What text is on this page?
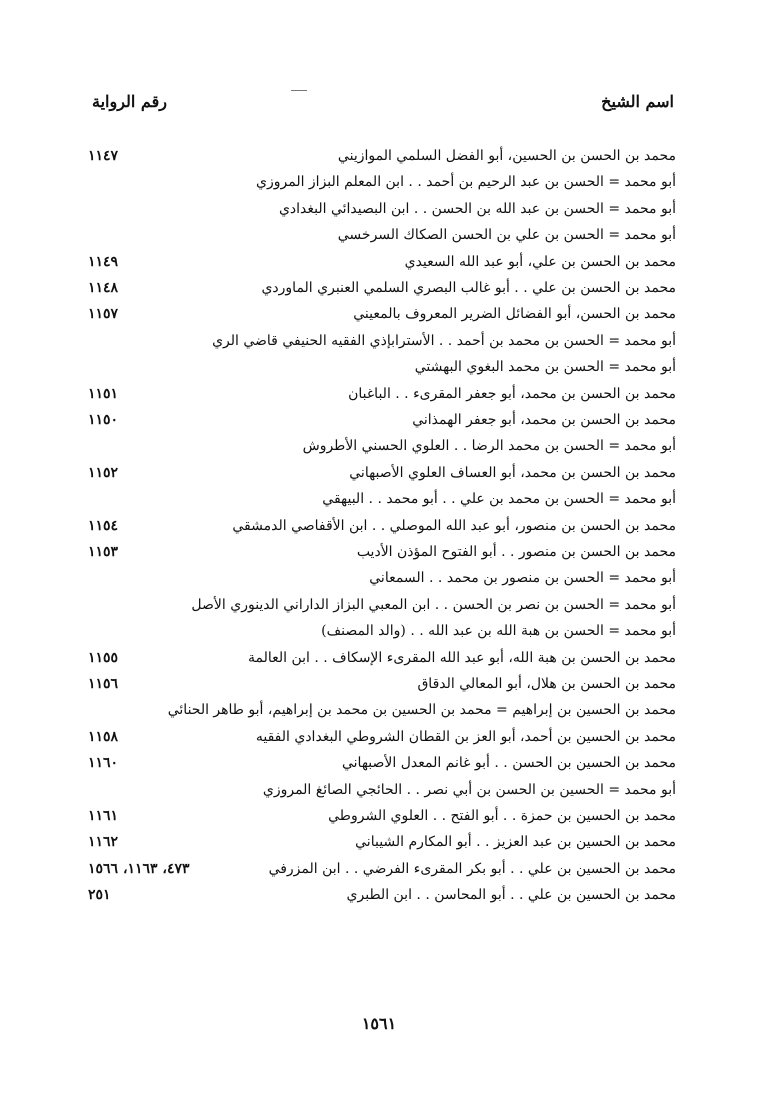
اسم الشيخ
رقم الرواية
محمد بن الحسن بن الحسين، أبو الفضل السلمي الموازيني
١١٤٧
أبو محمد = الحسن بن عبد الرحيم بن أحمد . . ابن المعلم البزاز المروزي
أبو محمد = الحسن بن عبد الله بن الحسن . . ابن البصيدائي البغدادي
أبو محمد = الحسن بن علي بن الحسن الصكاك السرخسي
محمد بن الحسن بن علي، أبو عبد الله السعيدي
١١٤٩
محمد بن الحسن بن علي . . أبو غالب البصري السلمي العنبري الماوردي
١١٤٨
محمد بن الحسن، أبو الفضائل الضرير المعروف بالمعيني
١١٥٧
أبو محمد = الحسن بن محمد بن أحمد . . الأسترابإذي الفقيه الحنيفي قاضي الري
أبو محمد = الحسن بن محمد البغوي البهشتي
محمد بن الحسن بن محمد، أبو جعفر المقرىء . . الباغبان
١١٥١
محمد بن الحسن بن محمد، أبو جعفر الهمذاني
١١٥٠
أبو محمد = الحسن بن محمد الرضا . . العلوي الحسني الأطروش
محمد بن الحسن بن محمد، أبو العساف العلوي الأصبهاني
١١٥٢
أبو محمد = الحسن بن محمد بن علي . . أبو محمد . . البيهقي
محمد بن الحسن بن منصور، أبو عبد الله الموصلي . . ابن الأقفاصي الدمشقي
١١٥٤
محمد بن الحسن بن منصور . . أبو الفتوح المؤذن الأديب
١١٥٣
أبو محمد = الحسن بن منصور بن محمد . . السمعاني
أبو محمد = الحسن بن نصر بن الحسن . . ابن المعبي البزاز الداراني الدينوري الأصل
أبو محمد = الحسن بن هبة الله بن عبد الله . . (والد المصنف)
محمد بن الحسن بن هبة الله، أبو عبد الله المقرىء الإسكاف . . ابن العالمة
١١٥٥
محمد بن الحسن بن هلال، أبو المعالي الدقاق
١١٥٦
محمد بن الحسين بن إبراهيم = محمد بن الحسين بن محمد بن إبراهيم، أبو طاهر الحنائي
محمد بن الحسين بن أحمد، أبو العز بن القطان الشروطي البغدادي الفقيه
١١٥٨
محمد بن الحسين بن الحسن . . أبو غانم المعدل الأصبهاني
١١٦٠
أبو محمد = الحسين بن الحسن بن أبي نصر . . الحائجي الصائغ المروزي
محمد بن الحسين بن حمزة . . أبو الفتح . . العلوي الشروطي
١١٦١
محمد بن الحسين بن عبد العزيز . . أبو المكارم الشيباني
١١٦٢
محمد بن الحسين بن علي . . أبو بكر المقرىء الفرضي . . ابن المزرفي
٤٧٣، ١١٦٣، ١٥٦٦
محمد بن الحسين بن علي . . أبو المحاسن . . ابن الطبري
٢٥١
١٥٦١
